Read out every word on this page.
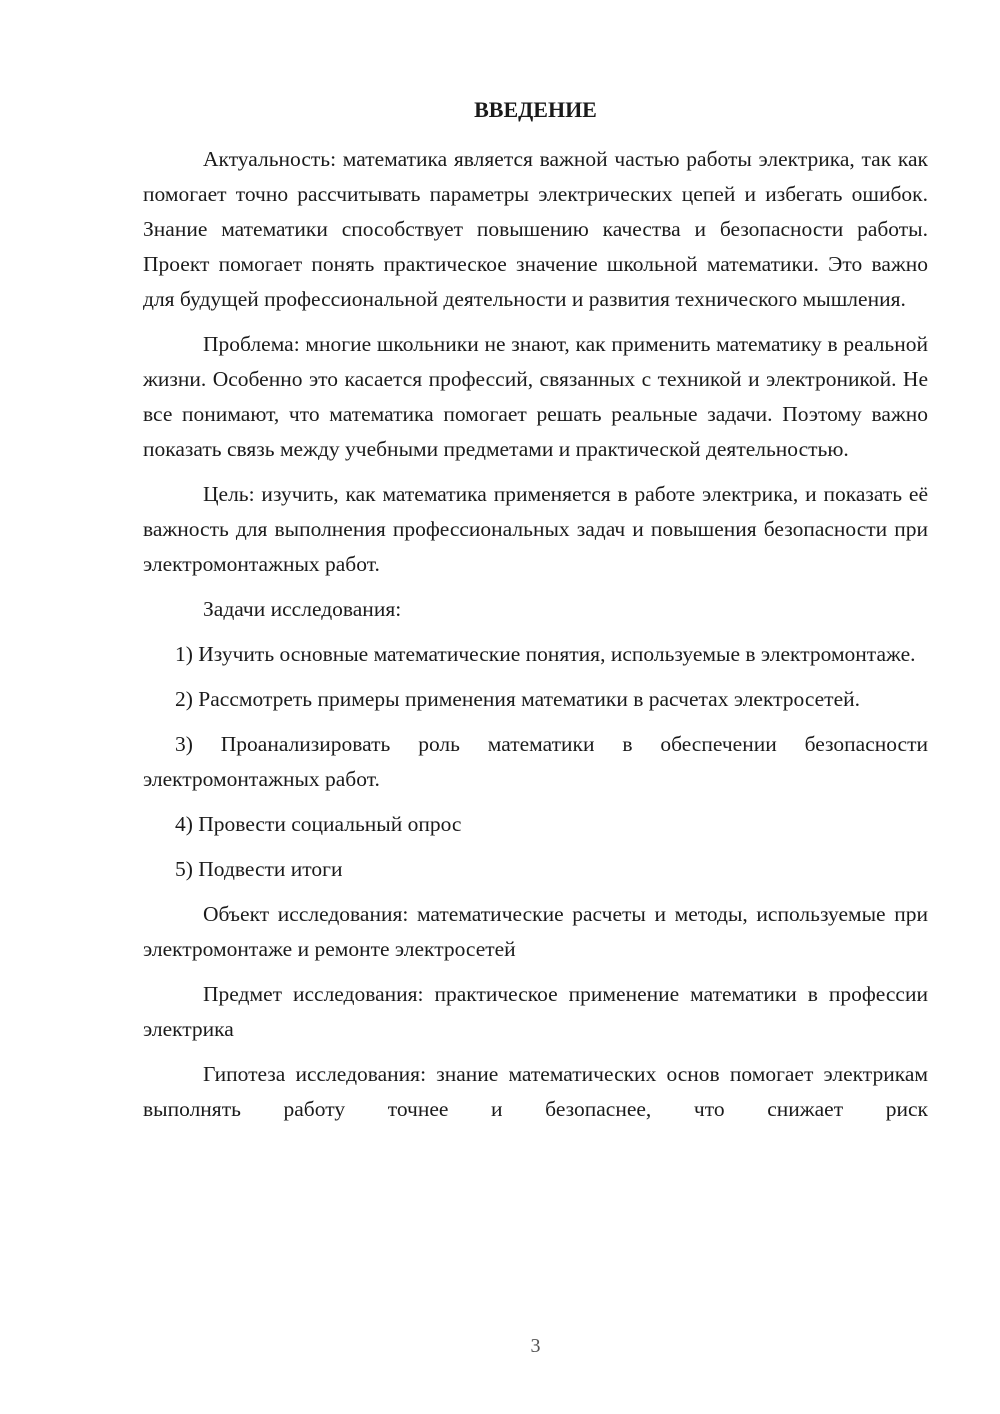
ВВЕДЕНИЕ

Актуальность: математика является важной частью работы электрика, так как помогает точно рассчитывать параметры электрических цепей и избегать ошибок. Знание математики способствует повышению качества и безопасности работы. Проект помогает понять практическое значение школьной математики. Это важно для будущей профессиональной деятельности и развития технического мышления.

Проблема: многие школьники не знают, как применить математику в реальной жизни. Особенно это касается профессий, связанных с техникой и электроникой. Не все понимают, что математика помогает решать реальные задачи. Поэтому важно показать связь между учебными предметами и практической деятельностью.

Цель: изучить, как математика применяется в работе электрика, и показать её важность для выполнения профессиональных задач и повышения безопасности при электромонтажных работ.

Задачи исследования:

1) Изучить основные математические понятия, используемые в электромонтаже.

2) Рассмотреть примеры применения математики в расчетах электросетей.

3) Проанализировать роль математики в обеспечении безопасности электромонтажных работ.

4) Провести социальный опрос

5) Подвести итоги

Объект исследования: математические расчеты и методы, используемые при электромонтаже и ремонте электросетей

Предмет исследования: практическое применение математики в профессии электрика

Гипотеза исследования: знание математических основ помогает электрикам выполнять работу точнее и безопаснее, что снижает риск

3
